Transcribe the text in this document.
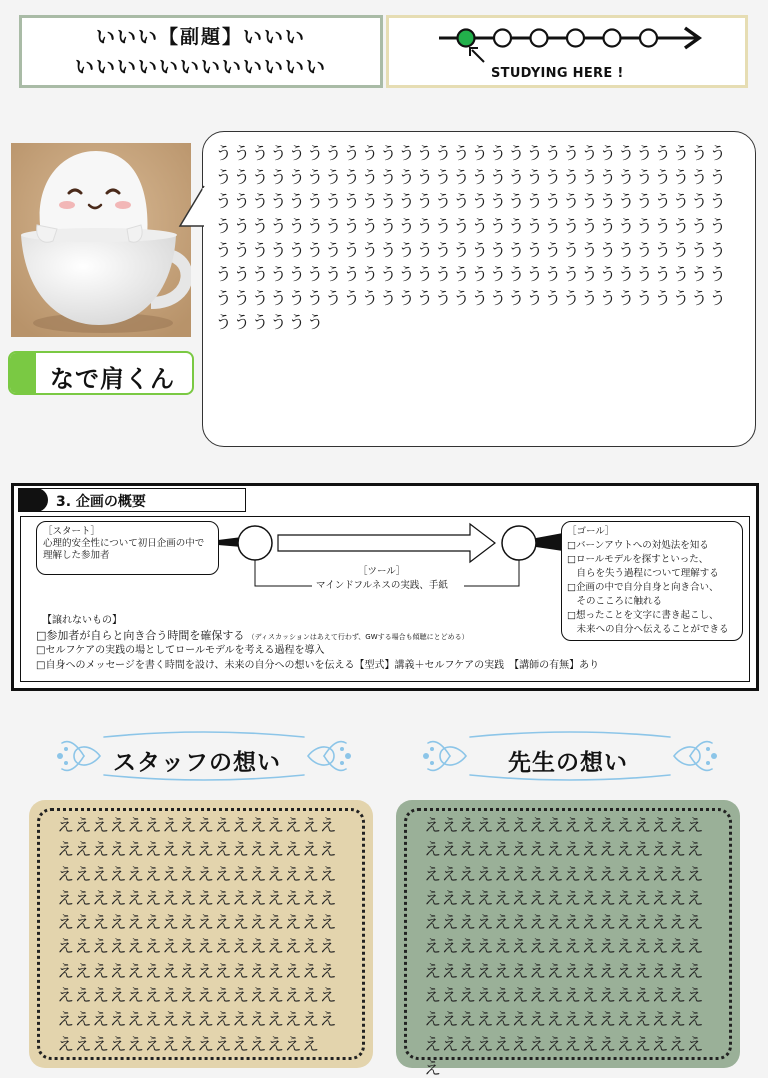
いいい【副題】いいい
いいいいいいいいいいいい	STUDYING HERE !
なで肩くん
うううううううううううううううううううううううううううううううううううううううううううううううううううううううううううううううううううううううううううううううううううううううううううううううううううううううううううううううううううううううううううううううううううううううううううううううううううううううううううううううううううううううううううううううううううううううううううううううううううううううううう
3. 企画の概要
［スタート］
心理的安全性について初日企画の中で
理解した参加者
［ツール］
マインドフルネスの実践、手紙
［ゴール］
□バーンアウトへの対処法を知る
□ロールモデルを探すといった、
　自らを失う過程について理解する
□企画の中で自分自身と向き合い、
　そのこころに触れる
□想ったことを文字に書き起こし、
　未来への自分へ伝えることができる
【譲れないもの】
□参加者が自らと向き合う時間を確保する （ディスカッションはあえて行わず、GWする場合も傾聴にとどめる）
□セルフケアの実践の場としてロールモデルを考える過程を導入
□自身へのメッセージを書く時間を設け、未来の自分への想いを伝える【型式】講義＋セルフケアの実践　【講師の有無】あり
スタッフの想い	先生の想い
えええええええええええええええええええええええええええええええええええええええええええええええええええええええええええええええええええええええええええええええええええええええええええええええええええええええええええええええええええええええええええええええええええええええええええええええええええええええええええええええ
えええええええええええええええええええええええええええええええええええええええええええええええええええええええええええええええええええええええええええええええええええええええええええええええええええええええええええええええええええええええええええええええええええええええええええええええええええええええええええええええええ
